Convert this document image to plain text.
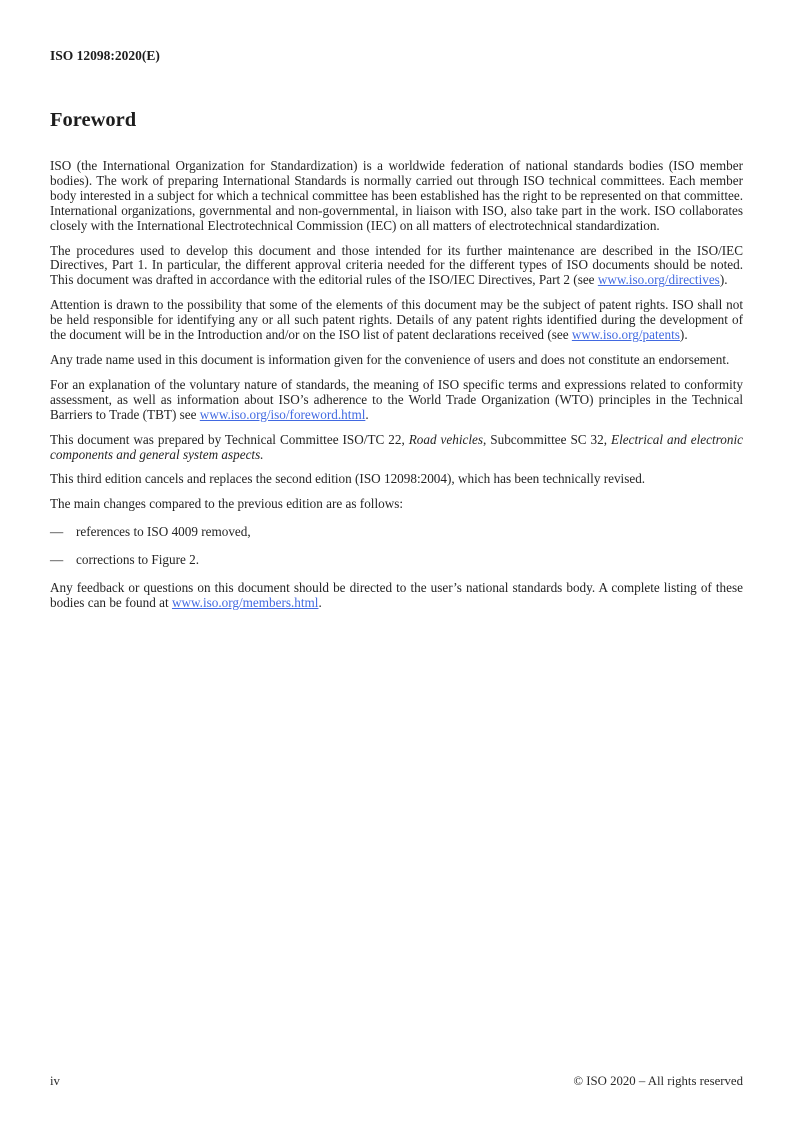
ISO 12098:2020(E)
Foreword

ISO (the International Organization for Standardization) is a worldwide federation of national standards bodies (ISO member bodies). The work of preparing International Standards is normally carried out through ISO technical committees. Each member body interested in a subject for which a technical committee has been established has the right to be represented on that committee. International organizations, governmental and non-governmental, in liaison with ISO, also take part in the work. ISO collaborates closely with the International Electrotechnical Commission (IEC) on all matters of electrotechnical standardization.

The procedures used to develop this document and those intended for its further maintenance are described in the ISO/IEC Directives, Part 1. In particular, the different approval criteria needed for the different types of ISO documents should be noted. This document was drafted in accordance with the editorial rules of the ISO/IEC Directives, Part 2 (see www.iso.org/directives).

Attention is drawn to the possibility that some of the elements of this document may be the subject of patent rights. ISO shall not be held responsible for identifying any or all such patent rights. Details of any patent rights identified during the development of the document will be in the Introduction and/or on the ISO list of patent declarations received (see www.iso.org/patents).

Any trade name used in this document is information given for the convenience of users and does not constitute an endorsement.

For an explanation of the voluntary nature of standards, the meaning of ISO specific terms and expressions related to conformity assessment, as well as information about ISO’s adherence to the World Trade Organization (WTO) principles in the Technical Barriers to Trade (TBT) see www.iso.org/iso/foreword.html.

This document was prepared by Technical Committee ISO/TC 22, Road vehicles, Subcommittee SC 32, Electrical and electronic components and general system aspects.

This third edition cancels and replaces the second edition (ISO 12098:2004), which has been technically revised.

The main changes compared to the previous edition are as follows:

— references to ISO 4009 removed,

— corrections to Figure 2.

Any feedback or questions on this document should be directed to the user’s national standards body. A complete listing of these bodies can be found at www.iso.org/members.html.

iv	© ISO 2020 – All rights reserved
